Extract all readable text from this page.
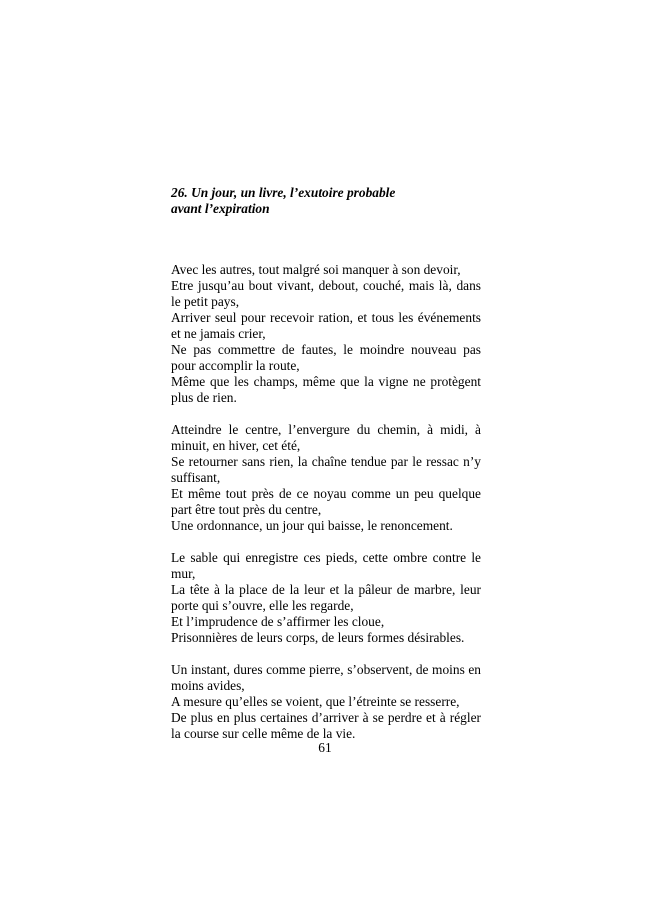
26. Un jour, un livre, l’exutoire probable
avant l’expiration
Avec les autres, tout malgré soi manquer à son devoir,
Etre jusqu’au bout vivant, debout, couché, mais là, dans le petit pays,
Arriver seul pour recevoir ration, et tous les événements et ne jamais crier,
Ne pas commettre de fautes, le moindre nouveau pas pour accomplir la route,
Même que les champs, même que la vigne ne protègent plus de rien.
Atteindre le centre, l’envergure du chemin, à midi, à minuit, en hiver, cet été,
Se retourner sans rien, la chaîne tendue par le ressac n’y suffisant,
Et même tout près de ce noyau comme un peu quelque part être tout près du centre,
Une ordonnance, un jour qui baisse, le renoncement.
Le sable qui enregistre ces pieds, cette ombre contre le mur,
La tête à la place de la leur et la pâleur de marbre, leur porte qui s’ouvre, elle les regarde,
Et l’imprudence de s’affirmer les cloue,
Prisonnières de leurs corps, de leurs formes désirables.
Un instant, dures comme pierre, s’observent, de moins en moins avides,
A mesure qu’elles se voient, que l’étreinte se resserre,
De plus en plus certaines d’arriver à se perdre et à régler la course sur celle même de la vie.
61
